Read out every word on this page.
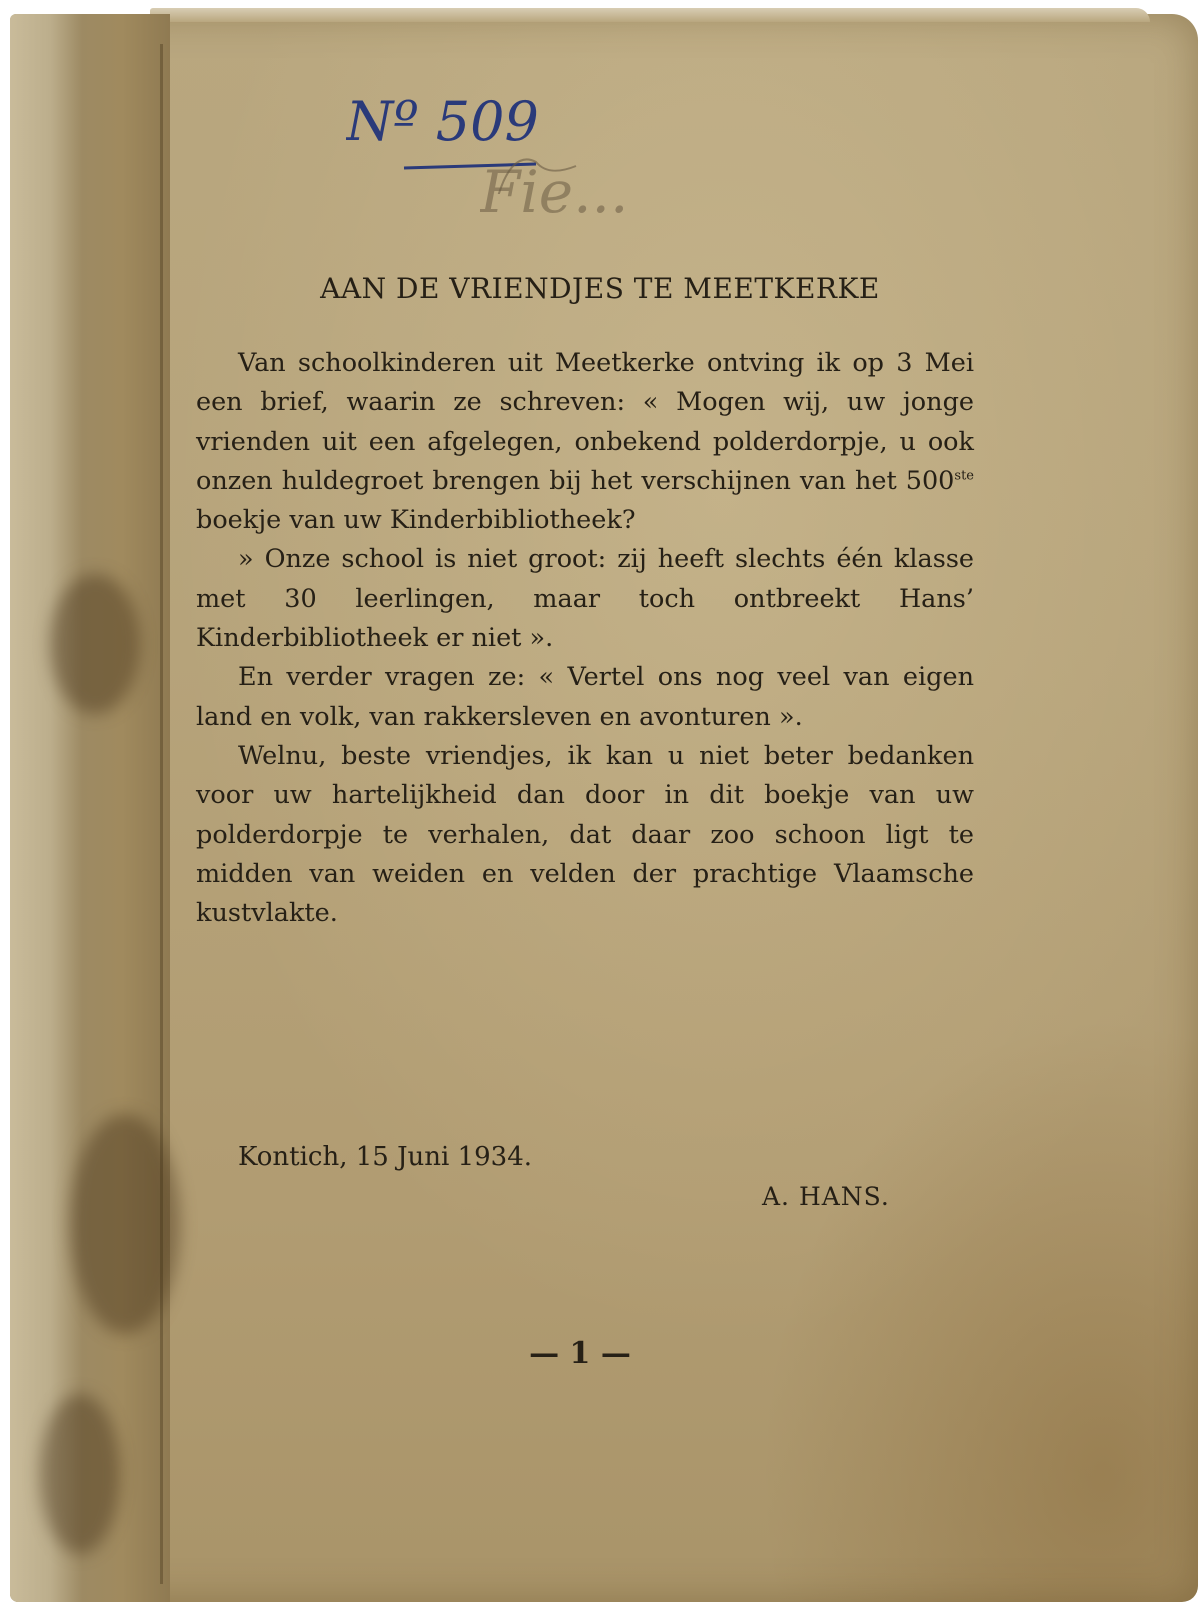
Nº 509
Fie...
AAN DE VRIENDJES TE MEETKERKE

Van schoolkinderen uit Meetkerke ontving ik op 3 Mei een brief, waarin ze schreven: « Mogen wij, uw jonge vrienden uit een afgelegen, onbekend polderdorpje, u ook onzen huldegroet brengen bij het verschijnen van het 500ste boekje van uw Kinderbibliotheek?

» Onze school is niet groot: zij heeft slechts één klasse met 30 leerlingen, maar toch ontbreekt Hans’ Kinderbibliotheek er niet ».

En verder vragen ze: « Vertel ons nog veel van eigen land en volk, van rakkersleven en avonturen ».

Welnu, beste vriendjes, ik kan u niet beter bedanken voor uw hartelijkheid dan door in dit boekje van uw polderdorpje te verhalen, dat daar zoo schoon ligt te midden van weiden en velden der prachtige Vlaamsche kustvlakte.

Kontich, 15 Juni 1934.

A. HANS.

— 1 —
